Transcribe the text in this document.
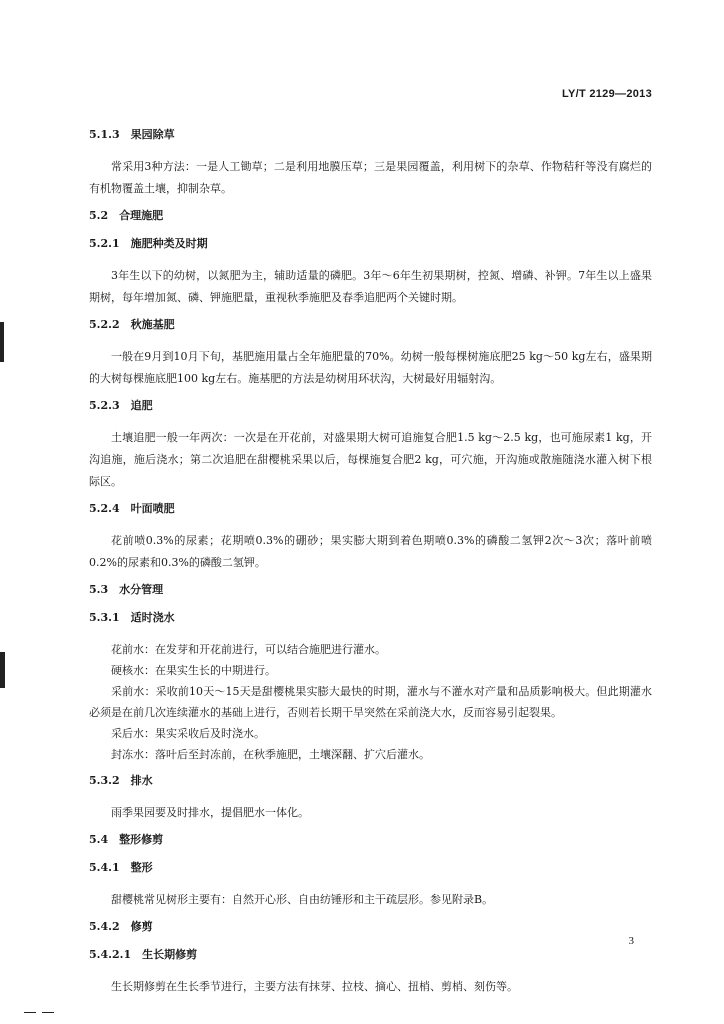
LY/T 2129—2013
5.1.3　果园除草
常采用3种方法：一是人工锄草；二是利用地膜压草；三是果园覆盖，利用树下的杂草、作物秸秆等没有腐烂的有机物覆盖土壤，抑制杂草。
5.2　合理施肥
5.2.1　施肥种类及时期
3年生以下的幼树，以氮肥为主，辅助适量的磷肥。3年～6年生初果期树，控氮、增磷、补钾。7年生以上盛果期树，每年增加氮、磷、钾施肥量，重视秋季施肥及春季追肥两个关键时期。
5.2.2　秋施基肥
一般在9月到10月下旬，基肥施用量占全年施肥量的70%。幼树一般每棵树施底肥25 kg～50 kg左右，盛果期的大树每棵施底肥100 kg左右。施基肥的方法是幼树用环状沟，大树最好用辐射沟。
5.2.3　追肥
土壤追肥一般一年两次：一次是在开花前，对盛果期大树可追施复合肥1.5 kg～2.5 kg，也可施尿素1 kg，开沟追施，施后浇水；第二次追肥在甜樱桃采果以后，每棵施复合肥2 kg，可穴施，开沟施或散施随浇水灌入树下根际区。
5.2.4　叶面喷肥
花前喷0.3%的尿素；花期喷0.3%的硼砂；果实膨大期到着色期喷0.3%的磷酸二氢钾2次～3次；落叶前喷0.2%的尿素和0.3%的磷酸二氢钾。
5.3　水分管理
5.3.1　适时浇水
花前水：在发芽和开花前进行，可以结合施肥进行灌水。
硬核水：在果实生长的中期进行。
采前水：采收前10天～15天是甜樱桃果实膨大最快的时期，灌水与不灌水对产量和品质影响极大。但此期灌水必须是在前几次连续灌水的基础上进行，否则若长期干旱突然在采前浇大水，反而容易引起裂果。
采后水：果实采收后及时浇水。
封冻水：落叶后至封冻前，在秋季施肥，土壤深翻、扩穴后灌水。
5.3.2　排水
雨季果园要及时排水，提倡肥水一体化。
5.4　整形修剪
5.4.1　整形
甜樱桃常见树形主要有：自然开心形、自由纺锤形和主干疏层形。参见附录B。
5.4.2　修剪
5.4.2.1　生长期修剪
生长期修剪在生长季节进行，主要方法有抹芽、拉枝、摘心、扭梢、剪梢、刻伤等。
3
